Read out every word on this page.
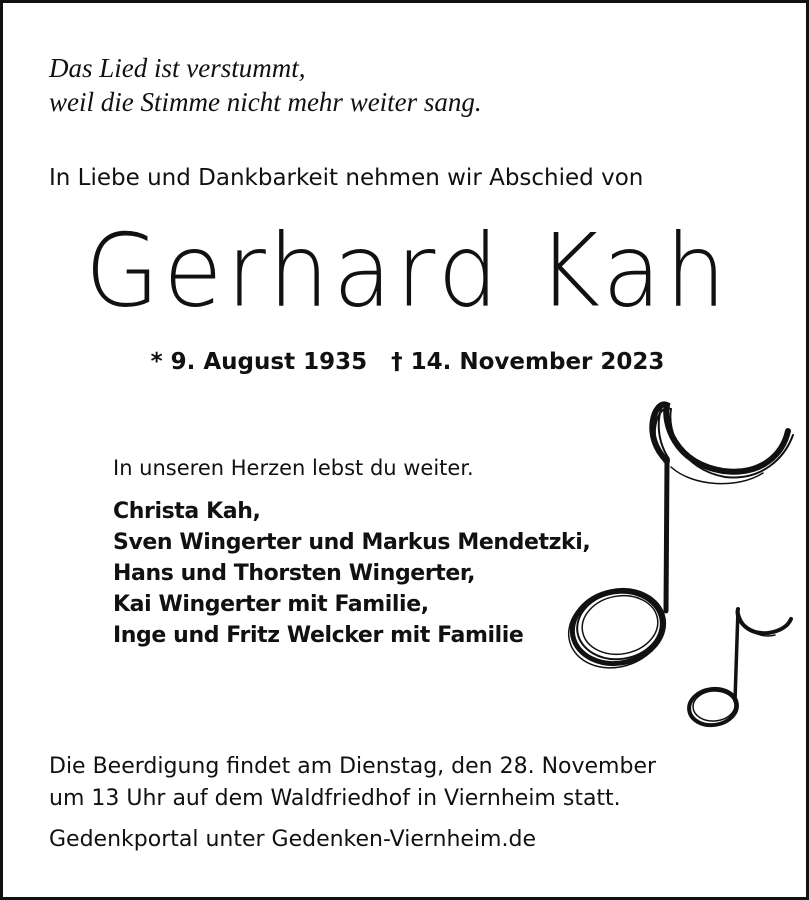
Das Lied ist verstummt,
weil die Stimme nicht mehr weiter sang.
In Liebe und Dankbarkeit nehmen wir Abschied von
Gerhard Kah
* 9. August 1935 † 14. November 2023
In unseren Herzen lebst du weiter.
Christa Kah,
Sven Wingerter und Markus Mendetzki,
Hans und Thorsten Wingerter,
Kai Wingerter mit Familie,
Inge und Fritz Welcker mit Familie
Die Beerdigung findet am Dienstag, den 28. November
um 13 Uhr auf dem Waldfriedhof in Viernheim statt.
Gedenkportal unter Gedenken-Viernheim.de
